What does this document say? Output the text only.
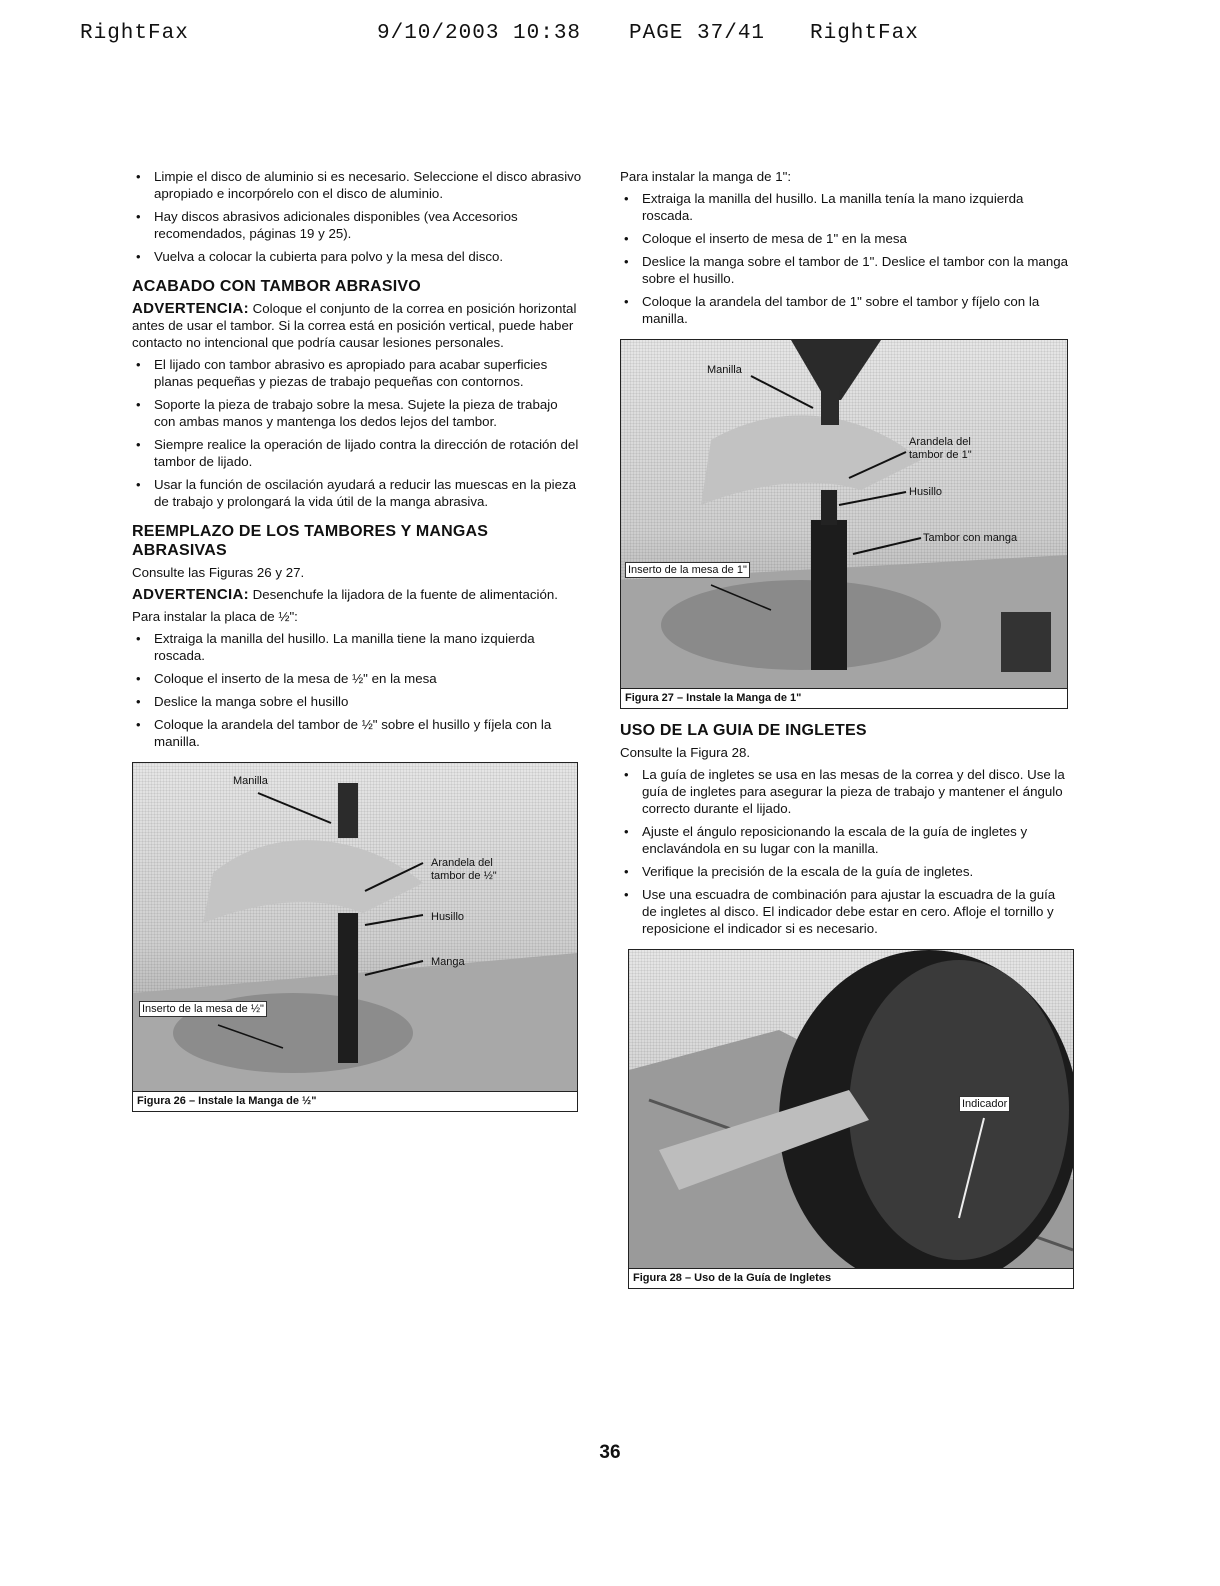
RightFax	9/10/2003 10:38 PAGE 37/41 RightFax
• Limpie el disco de aluminio si es necesario. Seleccione el disco abrasivo apropiado e incorpórelo con el disco de aluminio.
• Hay discos abrasivos adicionales disponibles (vea Accesorios recomendados, páginas 19 y 25).
• Vuelva a colocar la cubierta para polvo y la mesa del disco.
ACABADO CON TAMBOR ABRASIVO

ADVERTENCIA: Coloque el conjunto de la correa en posición horizontal antes de usar el tambor. Si la correa está en posición vertical, puede haber contacto no intencional que podría causar lesiones personales.

• El lijado con tambor abrasivo es apropiado para acabar superficies planas pequeñas y piezas de trabajo pequeñas con contornos.
• Soporte la pieza de trabajo sobre la mesa. Sujete la pieza de trabajo con ambas manos y mantenga los dedos lejos del tambor.
• Siempre realice la operación de lijado contra la dirección de rotación del tambor de lijado.
• Usar la función de oscilación ayudará a reducir las muescas en la pieza de trabajo y prolongará la vida útil de la manga abrasiva.
REEMPLAZO DE LOS TAMBORES Y MANGAS ABRASIVAS

Consulte las Figuras 26 y 27.

ADVERTENCIA: Desenchufe la lijadora de la fuente de alimentación.

Para instalar la placa de ½":

• Extraiga la manilla del husillo. La manilla tiene la mano izquierda roscada.
• Coloque el inserto de la mesa de ½" en la mesa
• Deslice la manga sobre el husillo
• Coloque la arandela del tambor de ½" sobre el husillo y fíjela con la manilla.
Manilla
Arandela del
tambor de ½"
Husillo
Manga
Inserto de la mesa de ½"
Figura 26 – Instale la Manga de ½"

Para instalar la manga de 1":

• Extraiga la manilla del husillo. La manilla tenía la mano izquierda roscada.
• Coloque el inserto de mesa de 1" en la mesa
• Deslice la manga sobre el tambor de 1". Deslice el tambor con la manga sobre el husillo.
• Coloque la arandela del tambor de 1" sobre el tambor y fíjelo con la manilla.
Manilla
Arandela del
tambor de 1"
Husillo
Tambor con manga
Inserto de la mesa de 1"
Figura 27 – Instale la Manga de 1"
USO DE LA GUIA DE INGLETES

Consulte la Figura 28.

• La guía de ingletes se usa en las mesas de la correa y del disco. Use la guía de ingletes para asegurar la pieza de trabajo y mantener el ángulo correcto durante el lijado.
• Ajuste el ángulo reposicionando la escala de la guía de ingletes y enclavándola en su lugar con la manilla.
• Verifique la precisión de la escala de la guía de ingletes.
• Use una escuadra de combinación para ajustar la escuadra de la guía de ingletes al disco. El indicador debe estar en cero. Afloje el tornillo y reposicione el indicador si es necesario.
Indicador
Figura 28 – Uso de la Guía de Ingletes
36
